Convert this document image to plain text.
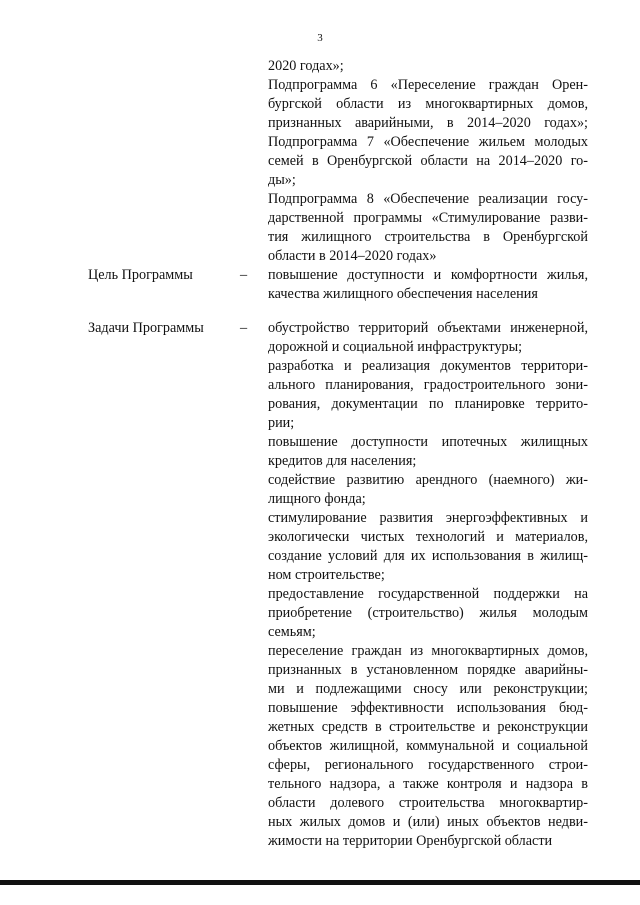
3
2020 годах»;
Подпрограмма 6 «Переселение граждан Орен-
бургской области из многоквартирных домов,
признанных аварийными, в 2014–2020 годах»;
Подпрограмма 7 «Обеспечение жильем молодых
семей в Оренбургской области на 2014–2020 го-
ды»;
Подпрограмма 8 «Обеспечение реализации госу-
дарственной программы «Стимулирование разви-
тия жилищного строительства в Оренбургской
области в 2014–2020 годах»
Цель Программы	– повышение доступности и комфортности жилья,
качества жилищного обеспечения населения
Задачи Программы	– обустройство территорий объектами инженерной,
дорожной и социальной инфраструктуры;
разработка и реализация документов территори-
ального планирования, градостроительного зони-
рования, документации по планировке террито-
рии;
повышение доступности ипотечных жилищных
кредитов для населения;
содействие развитию арендного (наемного) жи-
лищного фонда;
стимулирование развития энергоэффективных и
экологически чистых технологий и материалов,
создание условий для их использования в жилищ-
ном строительстве;
предоставление государственной поддержки на
приобретение (строительство) жилья молодым
семьям;
переселение граждан из многоквартирных домов,
признанных в установленном порядке аварийны-
ми и подлежащими сносу или реконструкции;
повышение эффективности использования бюд-
жетных средств в строительстве и реконструкции
объектов жилищной, коммунальной и социальной
сферы, регионального государственного строи-
тельного надзора, а также контроля и надзора в
области долевого строительства многоквартир-
ных жилых домов и (или) иных объектов недви-
жимости на территории Оренбургской области
